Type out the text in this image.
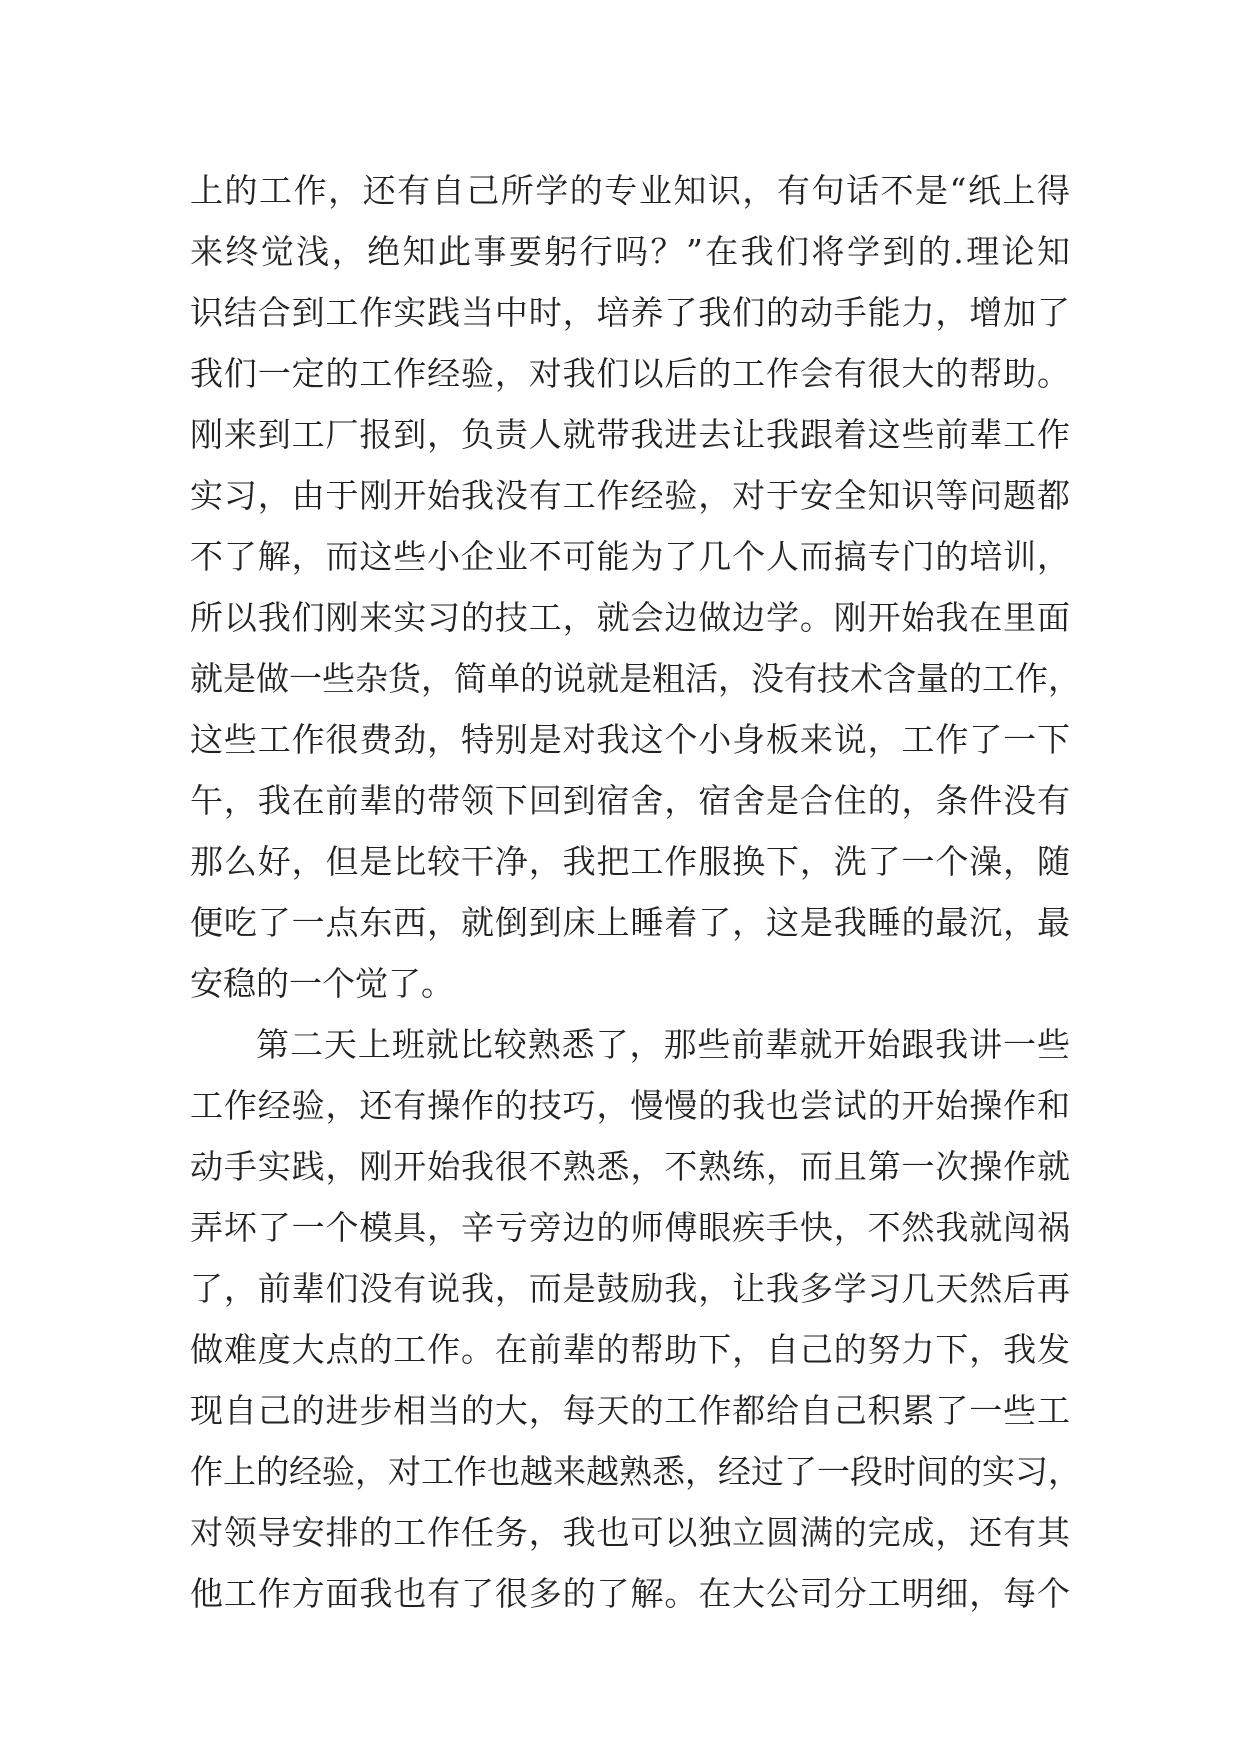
上的工作，还有自己所学的专业知识，有句话不是“纸上得
来终觉浅，绝知此事要躬行吗？”在我们将学到的.理论知
识结合到工作实践当中时，培养了我们的动手能力，增加了
我们一定的工作经验，对我们以后的工作会有很大的帮助。
刚来到工厂报到，负责人就带我进去让我跟着这些前辈工作
实习，由于刚开始我没有工作经验，对于安全知识等问题都
不了解，而这些小企业不可能为了几个人而搞专门的培训，
所以我们刚来实习的技工，就会边做边学。刚开始我在里面
就是做一些杂货，简单的说就是粗活，没有技术含量的工作，
这些工作很费劲，特别是对我这个小身板来说，工作了一下
午，我在前辈的带领下回到宿舍，宿舍是合住的，条件没有
那么好，但是比较干净，我把工作服换下，洗了一个澡，随
便吃了一点东西，就倒到床上睡着了，这是我睡的最沉，最
安稳的一个觉了。
第二天上班就比较熟悉了，那些前辈就开始跟我讲一些
工作经验，还有操作的技巧，慢慢的我也尝试的开始操作和
动手实践，刚开始我很不熟悉，不熟练，而且第一次操作就
弄坏了一个模具，辛亏旁边的师傅眼疾手快，不然我就闯祸
了，前辈们没有说我，而是鼓励我，让我多学习几天然后再
做难度大点的工作。在前辈的帮助下，自己的努力下，我发
现自己的进步相当的大，每天的工作都给自己积累了一些工
作上的经验，对工作也越来越熟悉，经过了一段时间的实习，
对领导安排的工作任务，我也可以独立圆满的完成，还有其
他工作方面我也有了很多的了解。在大公司分工明细，每个
